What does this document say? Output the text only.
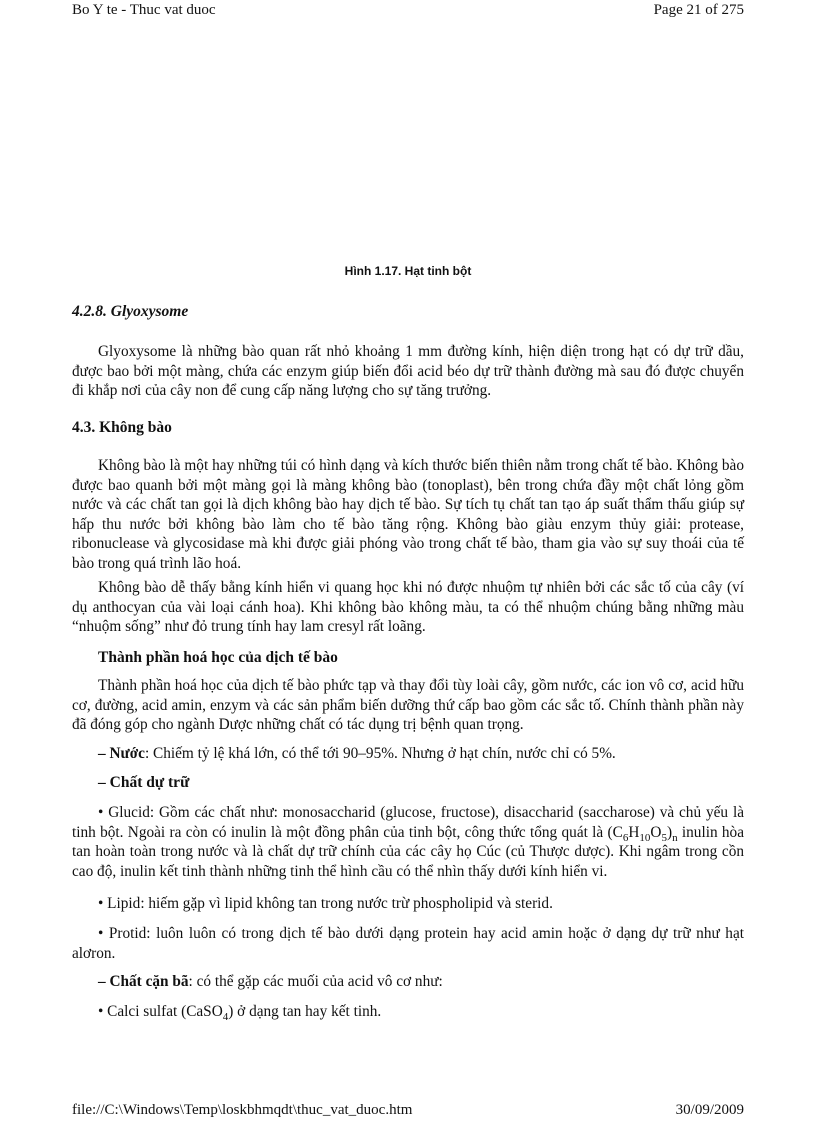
Bo Y te - Thuc vat duoc	Page 21 of 275
Hình 1.17. Hạt tinh bột

4.2.8. Glyoxysome

Glyoxysome là những bào quan rất nhỏ khoảng 1 mm đường kính, hiện diện trong hạt có dự trữ dầu, được bao bởi một màng, chứa các enzym giúp biến đổi acid béo dự trữ thành đường mà sau đó được chuyển đi khắp nơi của cây non để cung cấp năng lượng cho sự tăng trưởng.

4.3. Không bào

Không bào là một hay những túi có hình dạng và kích thước biến thiên nằm trong chất tế bào. Không bào được bao quanh bởi một màng gọi là màng không bào (tonoplast), bên trong chứa đầy một chất lỏng gồm nước và các chất tan gọi là dịch không bào hay dịch tế bào. Sự tích tụ chất tan tạo áp suất thẩm thấu giúp sự hấp thu nước bởi không bào làm cho tế bào tăng rộng. Không bào giàu enzym thủy giải: protease, ribonuclease và glycosidase mà khi được giải phóng vào trong chất tế bào, tham gia vào sự suy thoái của tế bào trong quá trình lão hoá.

Không bào dễ thấy bằng kính hiển vi quang học khi nó được nhuộm tự nhiên bởi các sắc tố của cây (ví dụ anthocyan của vài loại cánh hoa). Khi không bào không màu, ta có thể nhuộm chúng bằng những màu “nhuộm sống” như đỏ trung tính hay lam cresyl rất loãng.

Thành phần hoá học của dịch tế bào

Thành phần hoá học của dịch tế bào phức tạp và thay đổi tùy loài cây, gồm nước, các ion vô cơ, acid hữu cơ, đường, acid amin, enzym và các sản phẩm biến dưỡng thứ cấp bao gồm các sắc tố. Chính thành phần này đã đóng góp cho ngành Dược những chất có tác dụng trị bệnh quan trọng.

– Nước: Chiếm tỷ lệ khá lớn, có thể tới 90–95%. Nhưng ở hạt chín, nước chỉ có 5%.

– Chất dự trữ

• Glucid: Gồm các chất như: monosaccharid (glucose, fructose), disaccharid (saccharose) và chủ yếu là tinh bột. Ngoài ra còn có inulin là một đồng phân của tinh bột, công thức tổng quát là $(C_6H_{10}O_5)_n$ inulin hòa tan hoàn toàn trong nước và là chất dự trữ chính của các cây họ Cúc (củ Thược dược). Khi ngâm trong cồn cao độ, inulin kết tinh thành những tinh thể hình cầu có thể nhìn thấy dưới kính hiển vi.

• Lipid: hiếm gặp vì lipid không tan trong nước trừ phospholipid và sterid.

• Protid: luôn luôn có trong dịch tế bào dưới dạng protein hay acid amin hoặc ở dạng dự trữ như hạt alơron.

– Chất cặn bã: có thể gặp các muối của acid vô cơ như:

• Calci sulfat (CaSO$_4$) ở dạng tan hay kết tinh.

file://C:\Windows\Temp\loskbhmqdt\thuc_vat_duoc.htm	30/09/2009
